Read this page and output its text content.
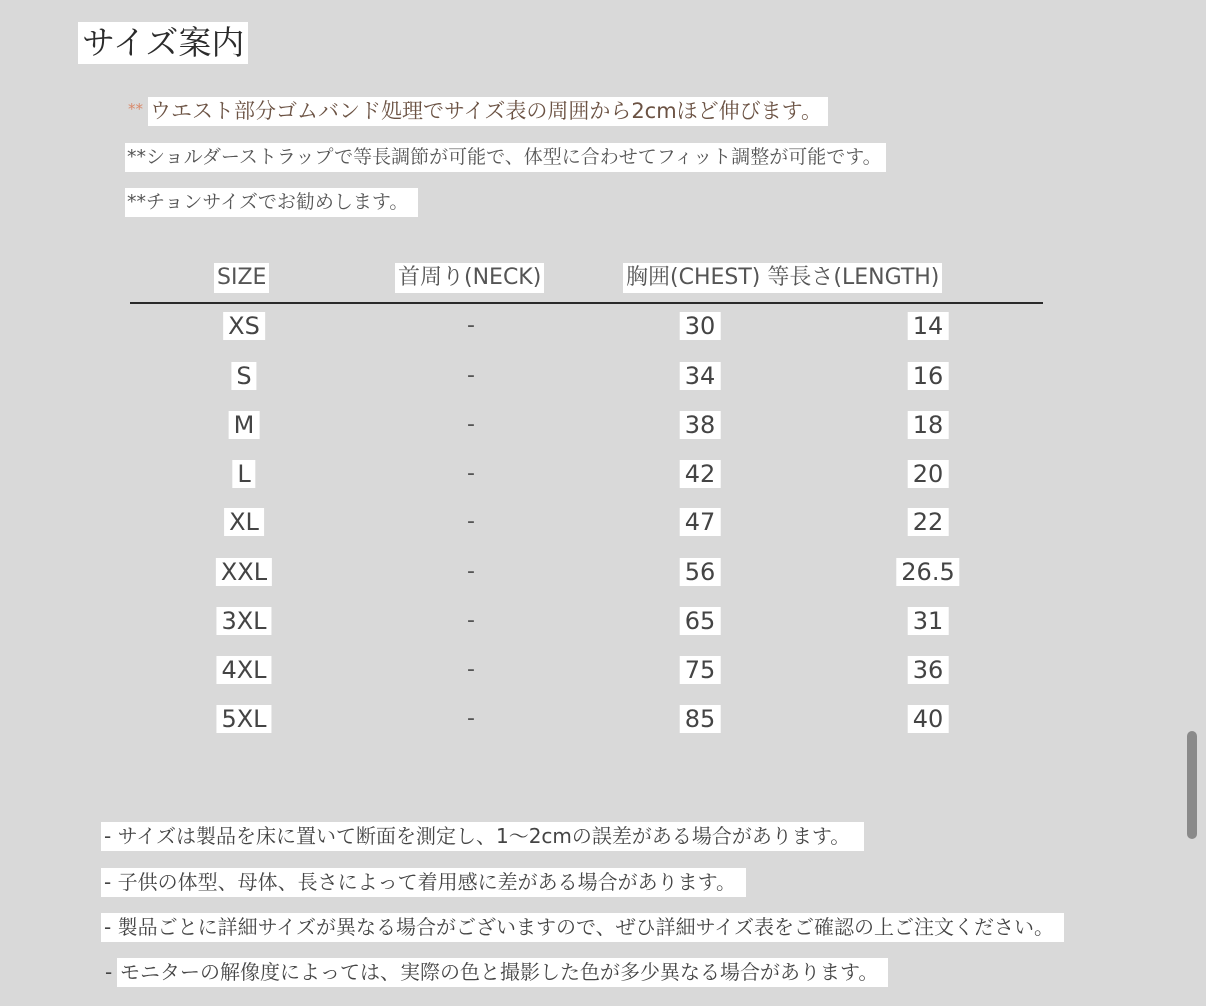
サイズ案内
** ウエスト部分ゴムバンド処理でサイズ表の周囲から2cmほど伸びます。
**ショルダーストラップで等長調節が可能で、体型に合わせてフィット調整が可能です。
**チョンサイズでお勧めします。
SIZE	首周り(NECK)	胸囲(CHEST) 等長さ(LENGTH)
XS	-	30	14
S	-	34	16
M	-	38	18
L	-	42	20
XL	-	47	22
XXL	-	56	26.5
3XL	-	65	31
4XL	-	75	36
5XL	-	85	40
- サイズは製品を床に置いて断面を測定し、1〜2cmの誤差がある場合があります。
- 子供の体型、母体、長さによって着用感に差がある場合があります。
- 製品ごとに詳細サイズが異なる場合がございますので、ぜひ詳細サイズ表をご確認の上ご注文ください。
- モニターの解像度によっては、実際の色と撮影した色が多少異なる場合があります。
